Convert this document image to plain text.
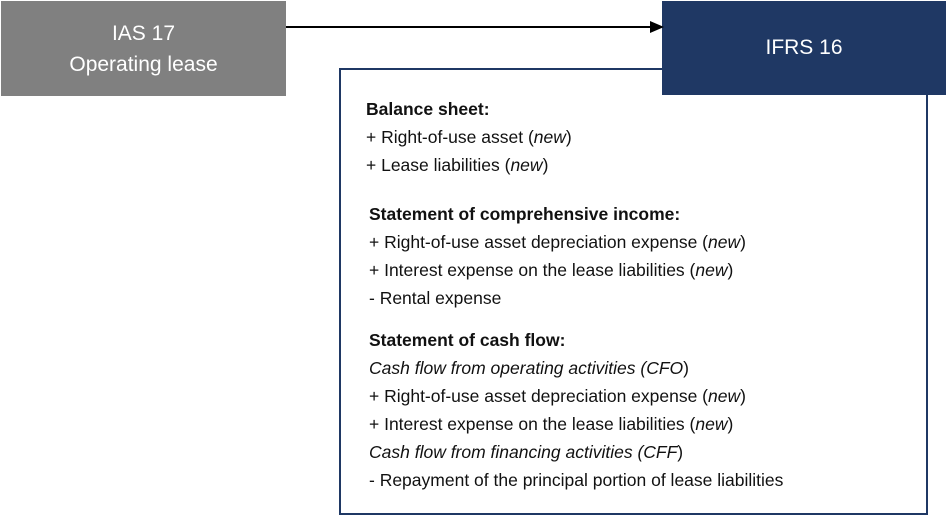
IAS 17
Operating lease
IFRS 16
Balance sheet:
+ Right-of-use asset (new)
+ Lease liabilities (new)
Statement of comprehensive income:
+ Right-of-use asset depreciation expense (new)
+ Interest expense on the lease liabilities (new)
- Rental expense
Statement of cash flow:
Cash flow from operating activities (CFO)
+ Right-of-use asset depreciation expense (new)
+ Interest expense on the lease liabilities (new)
Cash flow from financing activities (CFF)
- Repayment of the principal portion of lease liabilities
